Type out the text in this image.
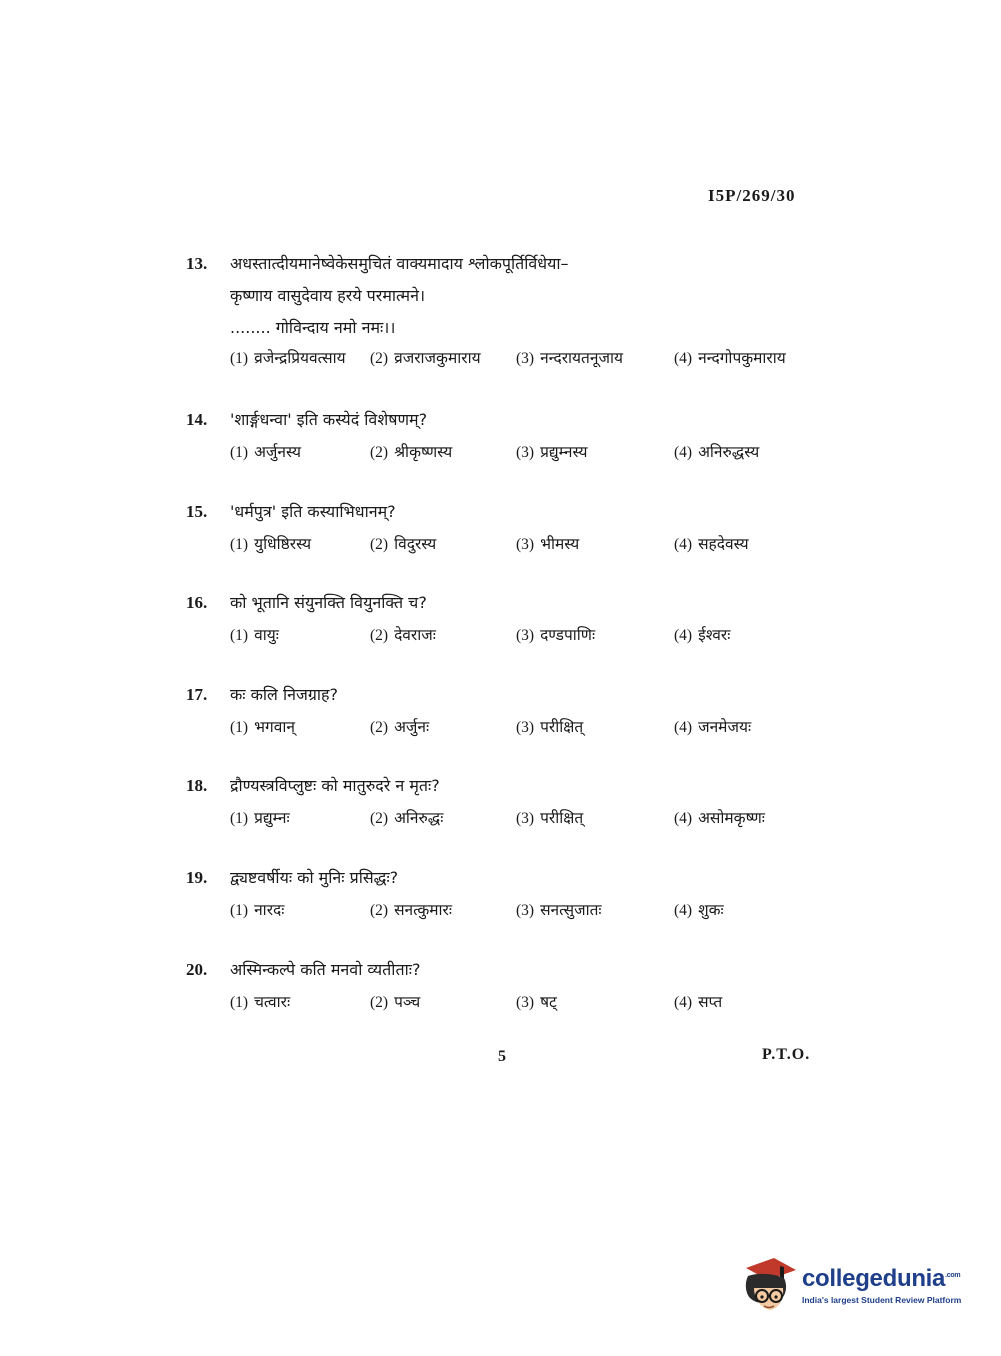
I5P/269/30
13.	अधस्तात्दीयमानेष्वेकेसमुचितं वाक्यमादाय श्लोकपूर्तिर्विधेया–
कृष्णाय वासुदेवाय हरये परमात्मने।
........ गोविन्दाय नमो नमः।।
(1) व्रजेन्द्रप्रियवत्साय	(2) व्रजराजकुमाराय	(3) नन्दरायतनूजाय	(4) नन्दगोपकुमाराय
14.	'शार्ङ्गधन्वा' इति कस्येदं विशेषणम्?
(1) अर्जुनस्य	(2) श्रीकृष्णस्य	(3) प्रद्युम्नस्य	(4) अनिरुद्धस्य
15.	'धर्मपुत्र' इति कस्याभिधानम्?
(1) युधिष्ठिरस्य	(2) विदुरस्य	(3) भीमस्य	(4) सहदेवस्य
16.	को भूतानि संयुनक्ति वियुनक्ति च?
(1) वायुः	(2) देवराजः	(3) दण्डपाणिः	(4) ईश्वरः
17.	कः कलि निजग्राह?
(1) भगवान्	(2) अर्जुनः	(3) परीक्षित्	(4) जनमेजयः
18.	द्रौण्यस्त्रविप्लुष्टः को मातुरुदरे न मृतः?
(1) प्रद्युम्नः	(2) अनिरुद्धः	(3) परीक्षित्	(4) असोमकृष्णः
19.	द्व्यष्टवर्षीयः को मुनिः प्रसिद्धः?
(1) नारदः	(2) सनत्कुमारः	(3) सनत्सुजातः	(4) शुकः
20.	अस्मिन्कल्पे कति मनवो व्यतीताः?
(1) चत्वारः	(2) पञ्च	(3) षट्	(4) सप्त
5	P.T.O.
collegedunia$^{.com}$
India's largest Student Review Platform
